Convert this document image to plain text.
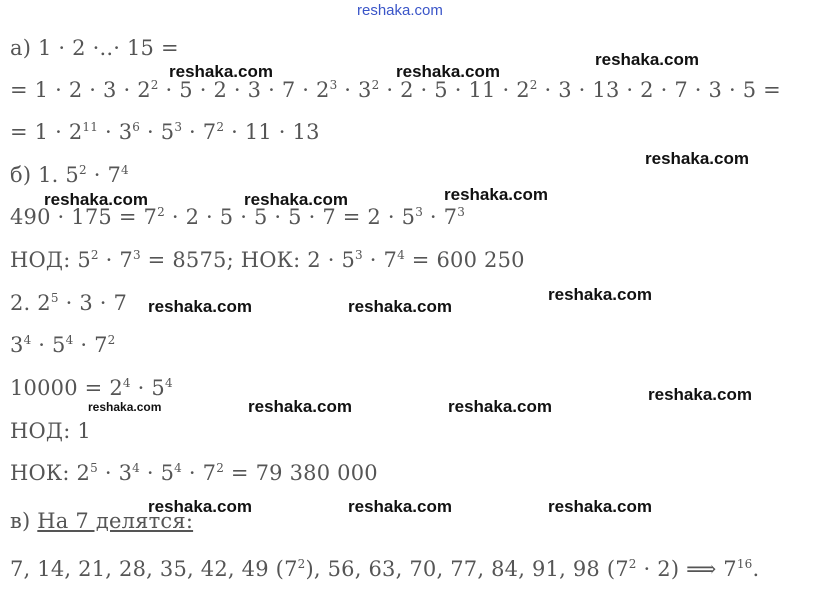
reshaka.com
а) 1 · 2 ·..· 15 =
= $1 \cdot 2 \cdot 3 \cdot 2^2 \cdot 5 \cdot 2 \cdot 3 \cdot 7 \cdot 2^3 \cdot 3^2 \cdot 2 \cdot 5 \cdot 11 \cdot 2^2 \cdot 3 \cdot 13 \cdot 2 \cdot 7 \cdot 3 \cdot 5$ =
= $1 \cdot 2^{11} \cdot 3^6 \cdot 5^3 \cdot 7^2 \cdot 11 \cdot 13$
б) 1. $5^2 \cdot 7^4$
$490 \cdot 175 = 7^2 \cdot 2 \cdot 5 \cdot 5 \cdot 5 \cdot 7 = 2 \cdot 5^3 \cdot 7^3$
НОД: $5^2 \cdot 7^3 = 8575$; НОК: $2 \cdot 5^3 \cdot 7^4 = 600$ 250
2. $2^5 \cdot 3 \cdot 7$
$3^4 \cdot 5^4 \cdot 7^2$
$10000 = 2^4 \cdot 5^4$
НОД: 1
НОК: $2^5 \cdot 3^4 \cdot 5^4 \cdot 7^2 = 79$ 380 000
в) На 7 делятся:
7, 14, 21, 28, 35, 42, 49 $(7^2)$, 56, 63, 70, 77, 84, 91, 98 $(7^2 \cdot 2)$ ⟹ $7^{16}$.
reshaka.com
reshaka.com	reshaka.com
reshaka.com
reshaka.com
reshaka.com	reshaka.com
reshaka.com
reshaka.com	reshaka.com
reshaka.com
reshaka.com	reshaka.com	reshaka.com
reshaka.com	reshaka.com	reshaka.com
